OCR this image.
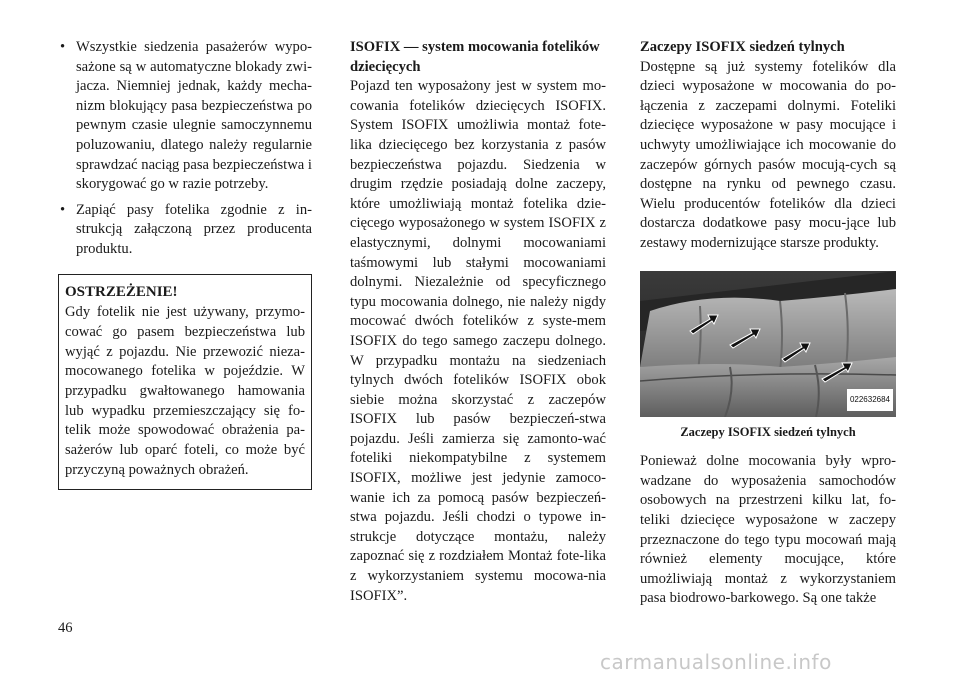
• Wszystkie siedzenia pasażerów wypo-sażone są w automatyczne blokady zwi-jacza. Niemniej jednak, każdy mecha-nizm blokujący pasa bezpieczeństwa po pewnym czasie ulegnie samoczynnemu poluzowaniu, dlatego należy regularnie sprawdzać naciąg pasa bezpieczeństwa i skorygować go w razie potrzeby.
• Zapiąć pasy fotelika zgodnie z in-strukcją załączoną przez producenta produktu.
OSTRZEŻENIE!

Gdy fotelik nie jest używany, przymo-cować go pasem bezpieczeństwa lub wyjąć z pojazdu. Nie przewozić nieza-mocowanego fotelika w pojeździe. W przypadku gwałtowanego hamowania lub wypadku przemieszczający się fo-telik może spowodować obrażenia pa-sażerów lub oparć foteli, co może być przyczyną poważnych obrażeń.

ISOFIX — system mocowania fotelików dziecięcych

Pojazd ten wyposażony jest w system mo-cowania fotelików dziecięcych ISOFIX. System ISOFIX umożliwia montaż fote-lika dziecięcego bez korzystania z pasów bezpieczeństwa pojazdu. Siedzenia w drugim rzędzie posiadają dolne zaczepy, które umożliwiają montaż fotelika dzie-cięcego wyposażonego w system ISOFIX z elastycznymi, dolnymi mocowaniami taśmowymi lub stałymi mocowaniami dolnymi. Niezależnie od specyficznego typu mocowania dolnego, nie należy nigdy mocować dwóch fotelików z syste-mem ISOFIX do tego samego zaczepu dolnego. W przypadku montażu na siedzeniach tylnych dwóch fotelików ISOFIX obok siebie można skorzystać z zaczepów ISOFIX lub pasów bezpieczeń-stwa pojazdu. Jeśli zamierza się zamonto-wać foteliki niekompatybilne z systemem ISOFIX, możliwe jest jedynie zamoco-wanie ich za pomocą pasów bezpieczeń-stwa pojazdu. Jeśli chodzi o typowe in-strukcje dotyczące montażu, należy zapoznać się z rozdziałem Montaż fote-lika z wykorzystaniem systemu mocowa-nia ISOFIX”.

Zaczepy ISOFIX siedzeń tylnych

Dostępne są już systemy fotelików dla dzieci wyposażone w mocowania do po-łączenia z zaczepami dolnymi. Foteliki dziecięce wyposażone w pasy mocujące i uchwyty umożliwiające ich mocowanie do zaczepów górnych pasów mocują-cych są dostępne na rynku od pewnego czasu. Wielu producentów fotelików dla dzieci dostarcza dodatkowe pasy mocu-jące lub zestawy modernizujące starsze produkty.

022632684
Zaczepy ISOFIX siedzeń tylnych

Ponieważ dolne mocowania były wpro-wadzane do wyposażenia samochodów osobowych na przestrzeni kilku lat, fo-teliki dziecięce wyposażone w zaczepy przeznaczone do tego typu mocowań mają również elementy mocujące, które umożliwiają montaż z wykorzystaniem pasa biodrowo-barkowego. Są one także

46
carmanualsonline.info
